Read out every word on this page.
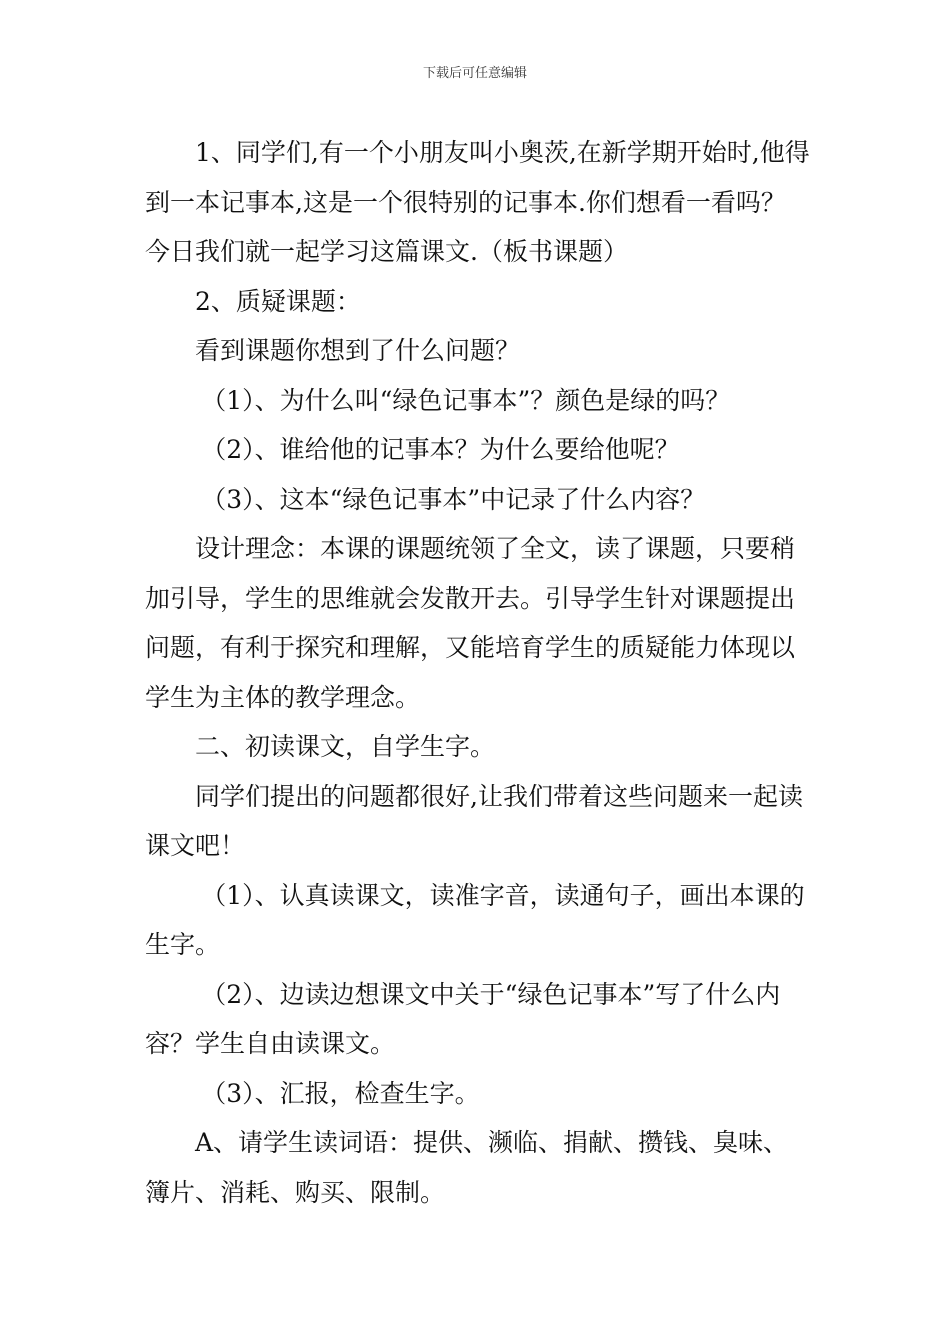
下载后可任意编辑

1、同学们,有一个小朋友叫小奥茨,在新学期开始时,他得到一本记事本,这是一个很特别的记事本.你们想看一看吗？今日我们就一起学习这篇课文.（板书课题）

2、质疑课题：

看到课题你想到了什么问题？

（1）、为什么叫“绿色记事本”？颜色是绿的吗？

（2）、谁给他的记事本？为什么要给他呢？

（3）、这本“绿色记事本”中记录了什么内容？

设计理念：本课的课题统领了全文，读了课题，只要稍加引导，学生的思维就会发散开去。引导学生针对课题提出问题，有利于探究和理解，又能培育学生的质疑能力体现以学生为主体的教学理念。

二、初读课文，自学生字。

同学们提出的问题都很好,让我们带着这些问题来一起读课文吧！

（1）、认真读课文，读准字音，读通句子，画出本课的生字。

（2）、边读边想课文中关于“绿色记事本”写了什么内容？学生自由读课文。

（3）、汇报，检查生字。

A、请学生读词语：提供、濒临、捐献、攒钱、臭味、簿片、消耗、购买、限制。
